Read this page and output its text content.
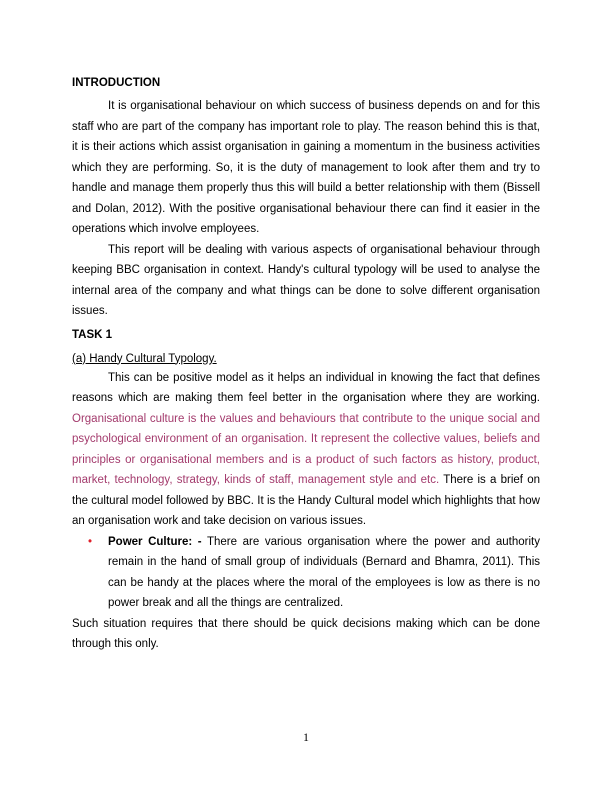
INTRODUCTION

It is organisational behaviour on which success of business depends on and for this staff who are part of the company has important role to play. The reason behind this is that, it is their actions which assist organisation in gaining a momentum in the business activities which they are performing. So, it is the duty of management to look after them and try to handle and manage them properly thus this will build a better relationship with them (Bissell and Dolan, 2012). With the positive organisational behaviour there can find it easier in the operations which involve employees.

This report will be dealing with various aspects of organisational behaviour through keeping BBC organisation in context. Handy's cultural typology will be used to analyse the internal area of the company and what things can be done to solve different organisation issues.

TASK 1
(a) Handy Cultural Typology.

This can be positive model as it helps an individual in knowing the fact that defines reasons which are making them feel better in the organisation where they are working. Organisational culture is the values and behaviours that contribute to the unique social and psychological environment of an organisation. It represent the collective values, beliefs and principles or organisational members and is a product of such factors as history, product, market, technology, strategy, kinds of staff, management style and etc. There is a brief on the cultural model followed by BBC. It is the Handy Cultural model which highlights that how an organisation work and take decision on various issues.

• Power Culture: - There are various organisation where the power and authority remain in the hand of small group of individuals (Bernard and Bhamra, 2011). This can be handy at the places where the moral of the employees is low as there is no power break and all the things are centralized.

Such situation requires that there should be quick decisions making which can be done through this only.

1
